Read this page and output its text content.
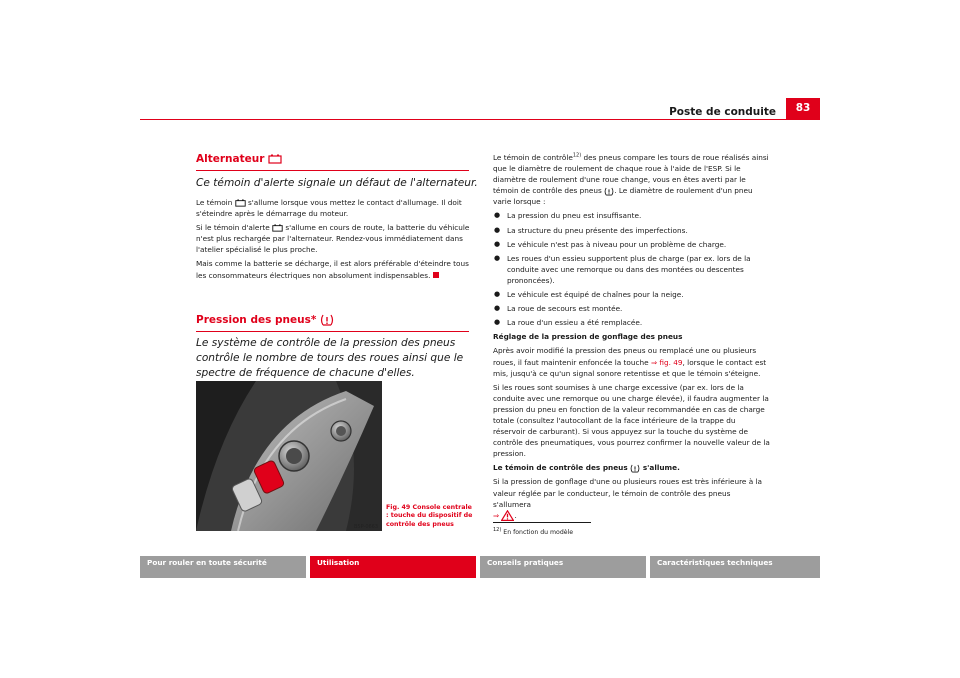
Poste de conduite	83
Alternateur
Ce témoin d'alerte signale un défaut de l'alternateur.

Le témoin s'allume lorsque vous mettez le contact d'allumage. Il doit s'éteindre après le démarrage du moteur.

Si le témoin d'alerte s'allume en cours de route, la batterie du véhicule n'est plus rechargée par l'alternateur. Rendez-vous immédiatement dans l'atelier spécialisé le plus proche.

Mais comme la batterie se décharge, il est alors préférable d'éteindre tous les consommateurs électriques non absolument indispensables.

Pression des pneus*
Le système de contrôle de la pression des pneus contrôle le nombre de tours des roues ainsi que le spectre de fréquence de chacune d'elles.
B5P-0663
Fig. 49 Console centrale : touche du dispositif de contrôle des pneus

Le témoin de contrôle$^{12)}$ des pneus compare les tours de roue réalisés ainsi que le diamètre de roulement de chaque roue à l'aide de l'ESP. Si le diamètre de roulement d'une roue change, vous en êtes averti par le témoin de contrôle des pneus . Le diamètre de roulement d'un pneu varie lorsque :

● La pression du pneu est insuffisante.
● La structure du pneu présente des imperfections.
● Le véhicule n'est pas à niveau pour un problème de charge.
● Les roues d'un essieu supportent plus de charge (par ex. lors de la conduite avec une remorque ou dans des montées ou descentes prononcées).
● Le véhicule est équipé de chaînes pour la neige.
● La roue de secours est montée.
● La roue d'un essieu a été remplacée.

Réglage de la pression de gonflage des pneus

Après avoir modifié la pression des pneus ou remplacé une ou plusieurs roues, il faut maintenir enfoncée la touche ⇒ fig. 49, lorsque le contact est mis, jusqu'à ce qu'un signal sonore retentisse et que le témoin s'éteigne.

Si les roues sont soumises à une charge excessive (par ex. lors de la conduite avec une remorque ou une charge élevée), il faudra augmenter la pression du pneu en fonction de la valeur recommandée en cas de charge totale (consultez l'autocollant de la face intérieure de la trappe du réservoir de carburant). Si vous appuyez sur la touche du système de contrôle des pneumatiques, vous pourrez confirmer la nouvelle valeur de la pression.

Le témoin de contrôle des pneus s'allume.

Si la pression de gonflage d'une ou plusieurs roues est très inférieure à la valeur réglée par le conducteur, le témoin de contrôle des pneus s'allumera
⇒ .

$^{12)}$ En fonction du modèle
Pour rouler en toute sécurité	Utilisation	Conseils pratiques	Caractéristiques techniques
